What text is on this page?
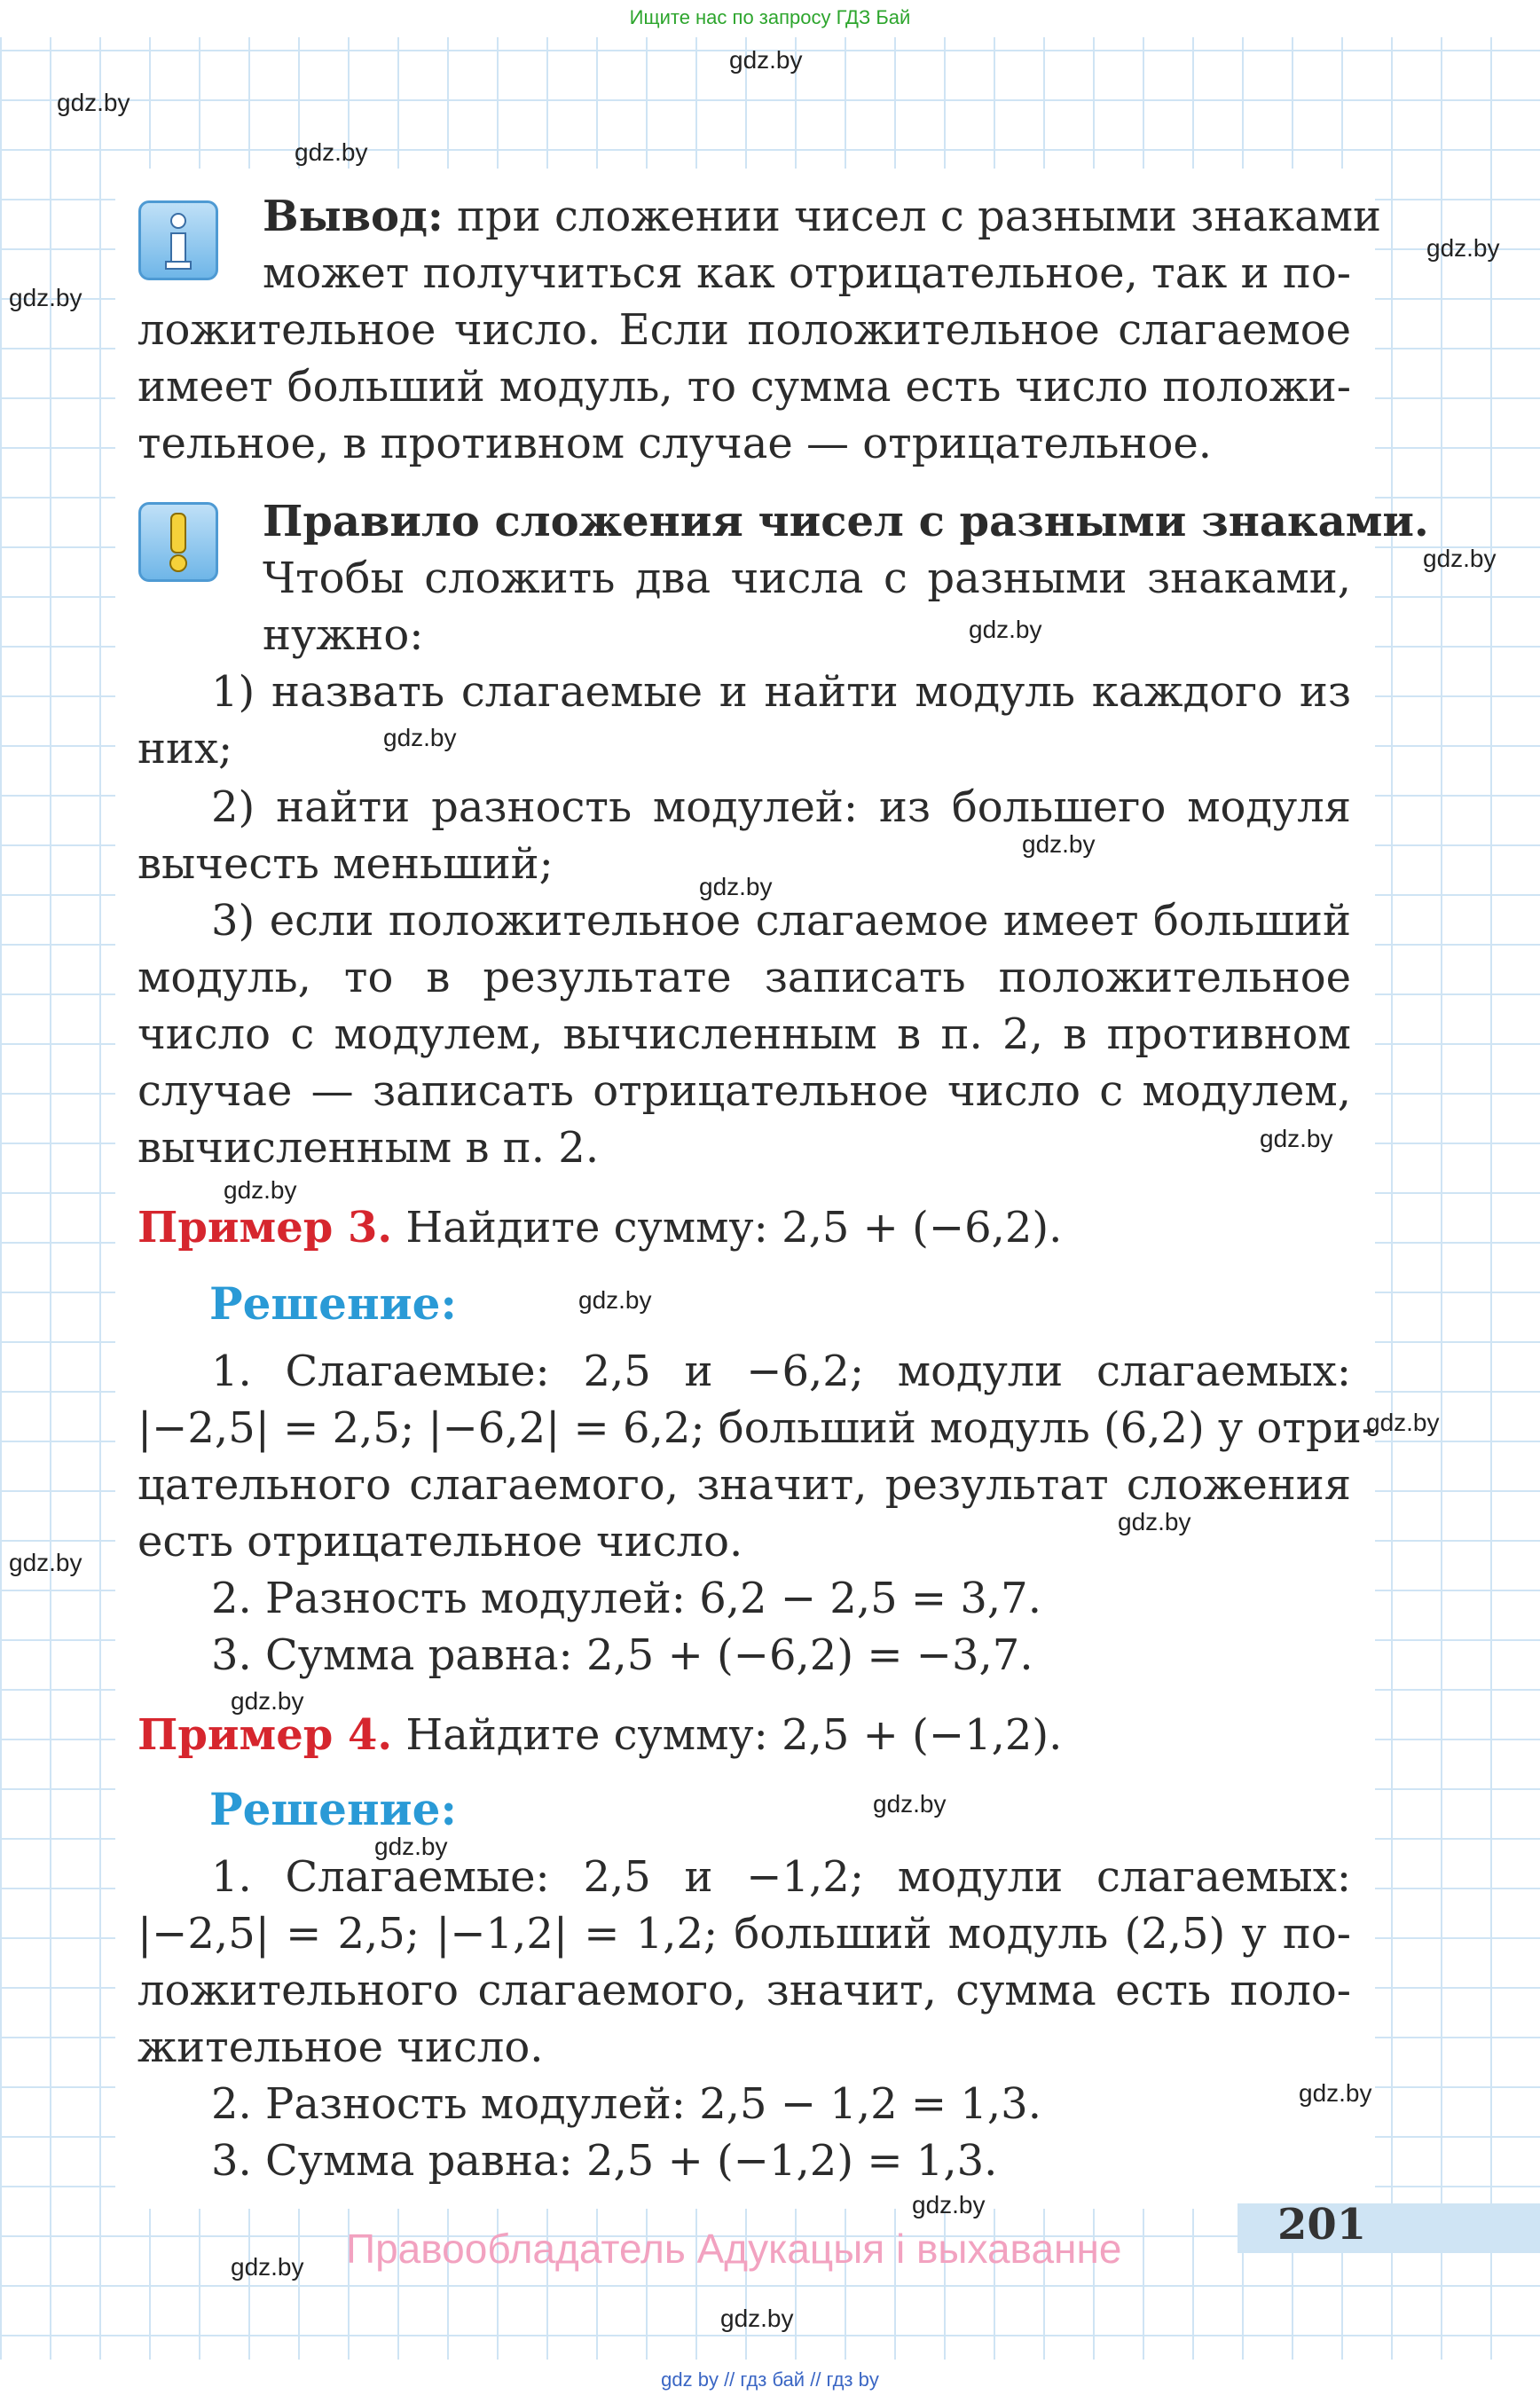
Ищите нас по запросу ГДЗ Бай

Вывод: при сложении чисел с разными знаками

может получиться как отрицательное, так и по-

ложительное число. Если положительное слагаемое

имеет больший модуль, то сумма есть число положи-

тельное, в противном случае — отрицательное.

Правило сложения чисел с разными знаками.

Чтобы сложить два числа с разными знаками,

нужно:

1) назвать слагаемые и найти модуль каждого из

них;

2) найти разность модулей: из большего модуля

вычесть меньший;

3) если положительное слагаемое имеет больший

модуль, то в результате записать положительное

число с модулем, вычисленным в п. 2, в противном

случае — записать отрицательное число с модулем,

вычисленным в п. 2.

Пример 3. Найдите сумму: 2,5 + (−6,2).

Решение:

1. Слагаемые: 2,5 и −6,2; модули слагаемых:

|−2,5| = 2,5; |−6,2| = 6,2; больший модуль (6,2) у отри-

цательного слагаемого, значит, результат сложения

есть отрицательное число.

2. Разность модулей: 6,2 − 2,5 = 3,7.

3. Сумма равна: 2,5 + (−6,2) = −3,7.

Пример 4. Найдите сумму: 2,5 + (−1,2).

Решение:

1. Слагаемые: 2,5 и −1,2; модули слагаемых:

|−2,5| = 2,5; |−1,2| = 1,2; больший модуль (2,5) у по-

ложительного слагаемого, значит, сумма есть поло-

жительное число.

2. Разность модулей: 2,5 − 1,2 = 1,3.

3. Сумма равна: 2,5 + (−1,2) = 1,3.

201
Правообладатель Адукацыя і выхаванне
gdz.by
gdz.by
gdz.by
gdz.by
gdz.by
gdz.by
gdz.by
gdz.by
gdz.by
gdz.by
gdz.by
gdz.by
gdz.by
gdz.by
gdz.by
gdz.by
gdz.by
gdz.by
gdz.by
gdz.by
gdz.by
gdz.by
gdz.by
gdz by // гдз бай // гдз by
